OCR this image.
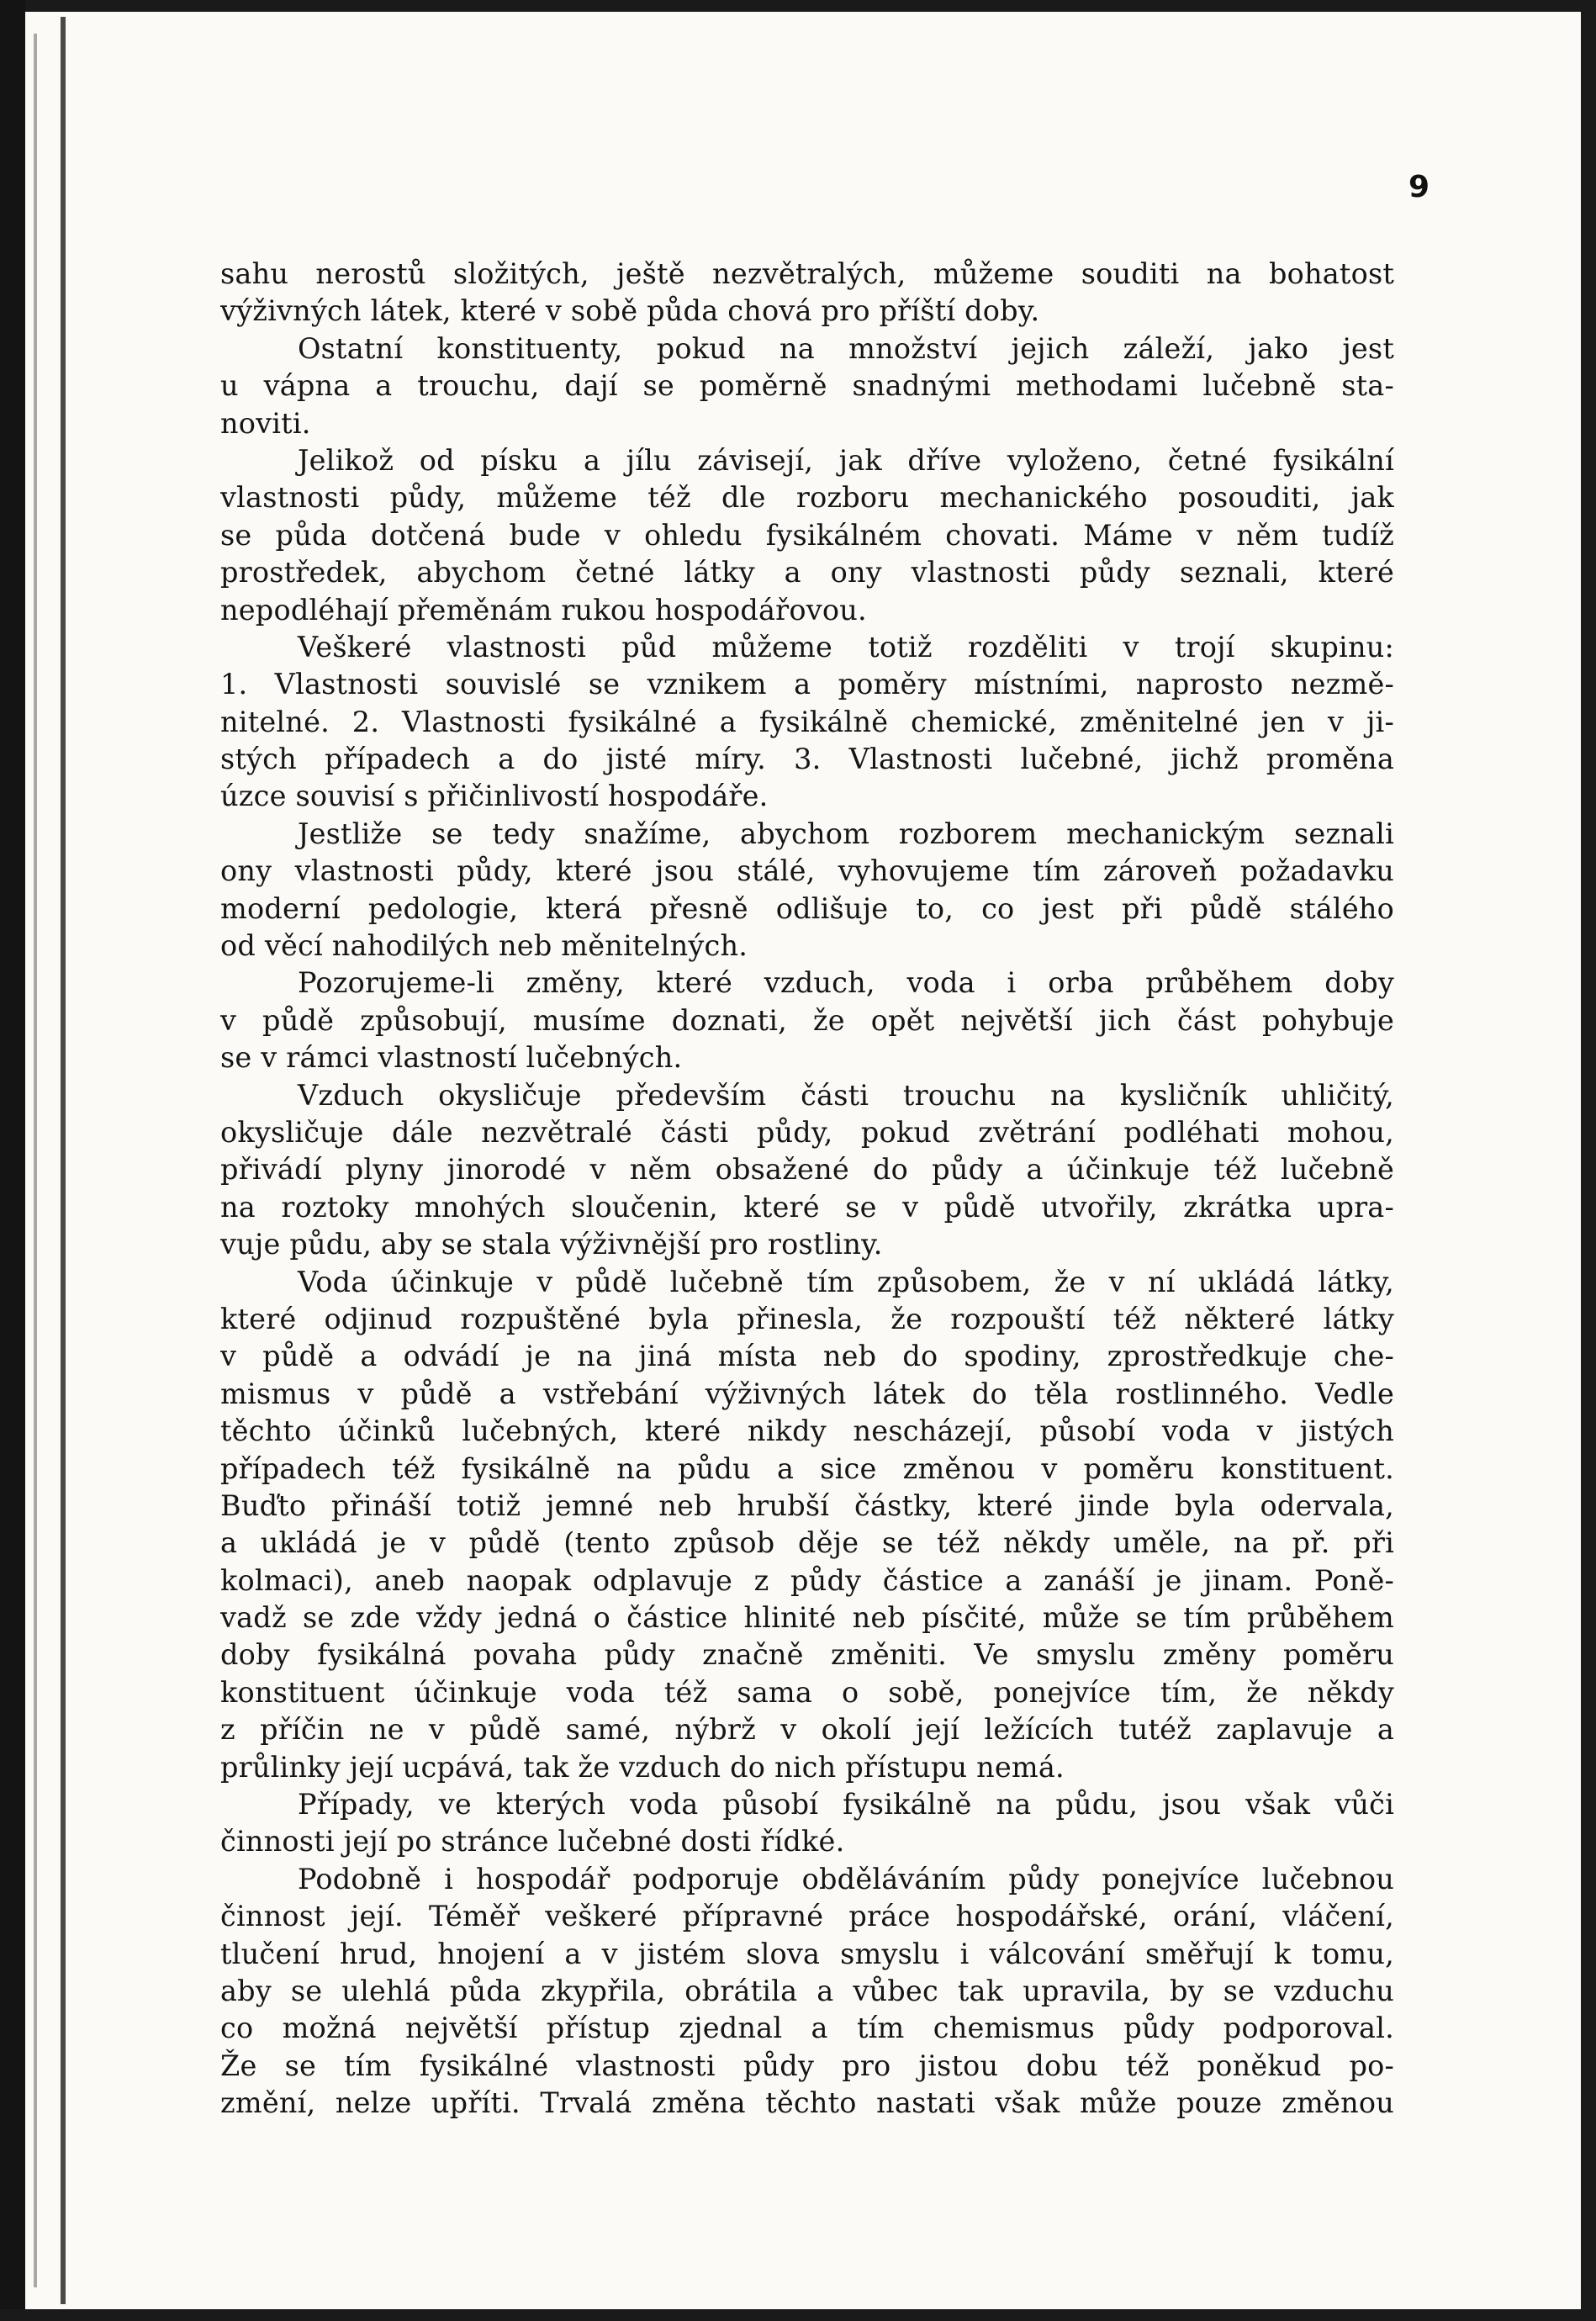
9
sahu nerostů složitých, ještě nezvětralých, můžeme souditi na bohatost
výživných látek, které v sobě půda chová pro příští doby.
Ostatní konstituenty, pokud na množství jejich záleží, jako jest
u vápna a trouchu, dají se poměrně snadnými methodami lučebně sta-
noviti.
Jelikož od písku a jílu závisejí, jak dříve vyloženo, četné fysikální
vlastnosti půdy, můžeme též dle rozboru mechanického posouditi, jak
se půda dotčená bude v ohledu fysikálném chovati. Máme v něm tudíž
prostředek, abychom četné látky a ony vlastnosti půdy seznali, které
nepodléhají přeměnám rukou hospodářovou.
Veškeré vlastnosti půd můžeme totiž rozděliti v trojí skupinu:
1. Vlastnosti souvislé se vznikem a poměry místními, naprosto nezmě-
nitelné. 2. Vlastnosti fysikálné a fysikálně chemické, změnitelné jen v ji-
stých případech a do jisté míry. 3. Vlastnosti lučebné, jichž proměna
úzce souvisí s přičinlivostí hospodáře.
Jestliže se tedy snažíme, abychom rozborem mechanickým seznali
ony vlastnosti půdy, které jsou stálé, vyhovujeme tím zároveň požadavku
moderní pedologie, která přesně odlišuje to, co jest při půdě stálého
od věcí nahodilých neb měnitelných.
Pozorujeme-li změny, které vzduch, voda i orba průběhem doby
v půdě způsobují, musíme doznati, že opět největší jich část pohybuje
se v rámci vlastností lučebných.
Vzduch okysličuje především části trouchu na kysličník uhličitý,
okysličuje dále nezvětralé části půdy, pokud zvětrání podléhati mohou,
přivádí plyny jinorodé v něm obsažené do půdy a účinkuje též lučebně
na roztoky mnohých sloučenin, které se v půdě utvořily, zkrátka upra-
vuje půdu, aby se stala výživnější pro rostliny.
Voda účinkuje v půdě lučebně tím způsobem, že v ní ukládá látky,
které odjinud rozpuštěné byla přinesla, že rozpouští též některé látky
v půdě a odvádí je na jiná místa neb do spodiny, zprostředkuje che-
mismus v půdě a vstřebání výživných látek do těla rostlinného. Vedle
těchto účinků lučebných, které nikdy nescházejí, působí voda v jistých
případech též fysikálně na půdu a sice změnou v poměru konstituent.
Buďto přináší totiž jemné neb hrubší částky, které jinde byla odervala,
a ukládá je v půdě (tento způsob děje se též někdy uměle, na př. při
kolmaci), aneb naopak odplavuje z půdy částice a zanáší je jinam. Poně-
vadž se zde vždy jedná o částice hlinité neb písčité, může se tím průběhem
doby fysikálná povaha půdy značně změniti. Ve smyslu změny poměru
konstituent účinkuje voda též sama o sobě, ponejvíce tím, že někdy
z příčin ne v půdě samé, nýbrž v okolí její ležících tutéž zaplavuje a
průlinky její ucpává, tak že vzduch do nich přístupu nemá.
Případy, ve kterých voda působí fysikálně na půdu, jsou však vůči
činnosti její po stránce lučebné dosti řídké.
Podobně i hospodář podporuje obděláváním půdy ponejvíce lučebnou
činnost její. Téměř veškeré přípravné práce hospodářské, orání, vláčení,
tlučení hrud, hnojení a v jistém slova smyslu i válcování směřují k tomu,
aby se ulehlá půda zkypřila, obrátila a vůbec tak upravila, by se vzduchu
co možná největší přístup zjednal a tím chemismus půdy podporoval.
Že se tím fysikálné vlastnosti půdy pro jistou dobu též poněkud po-
změní, nelze upříti. Trvalá změna těchto nastati však může pouze změnou
